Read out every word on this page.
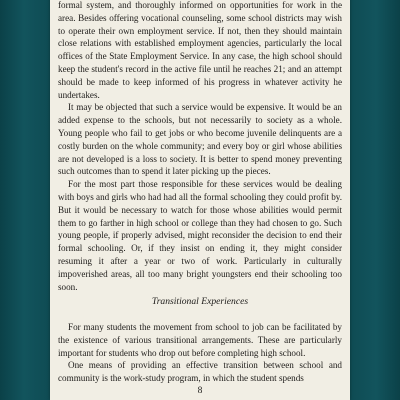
formal system, and thoroughly informed on opportunities for work in the area. Besides offering vocational counseling, some school districts may wish to operate their own employment service. If not, then they should maintain close relations with established employment agencies, particularly the local offices of the State Employment Service. In any case, the high school should keep the student's record in the active file until he reaches 21; and an attempt should be made to keep informed of his progress in whatever activity he undertakes.

It may be objected that such a service would be expensive. It would be an added expense to the schools, but not necessarily to society as a whole. Young people who fail to get jobs or who become juvenile delinquents are a costly burden on the whole community; and every boy or girl whose abilities are not developed is a loss to society. It is better to spend money preventing such outcomes than to spend it later picking up the pieces.

For the most part those responsible for these services would be dealing with boys and girls who had had all the formal schooling they could profit by. But it would be necessary to watch for those whose abilities would permit them to go farther in high school or college than they had chosen to go. Such young people, if properly advised, might reconsider the decision to end their formal schooling. Or, if they insist on ending it, they might consider resuming it after a year or two of work. Particularly in culturally impoverished areas, all too many bright youngsters end their schooling too soon.

Transitional Experiences

For many students the movement from school to job can be facilitated by the existence of various transitional arrangements. These are particularly important for students who drop out before completing high school.

One means of providing an effective transition between school and community is the work-study program, in which the student spends

8
